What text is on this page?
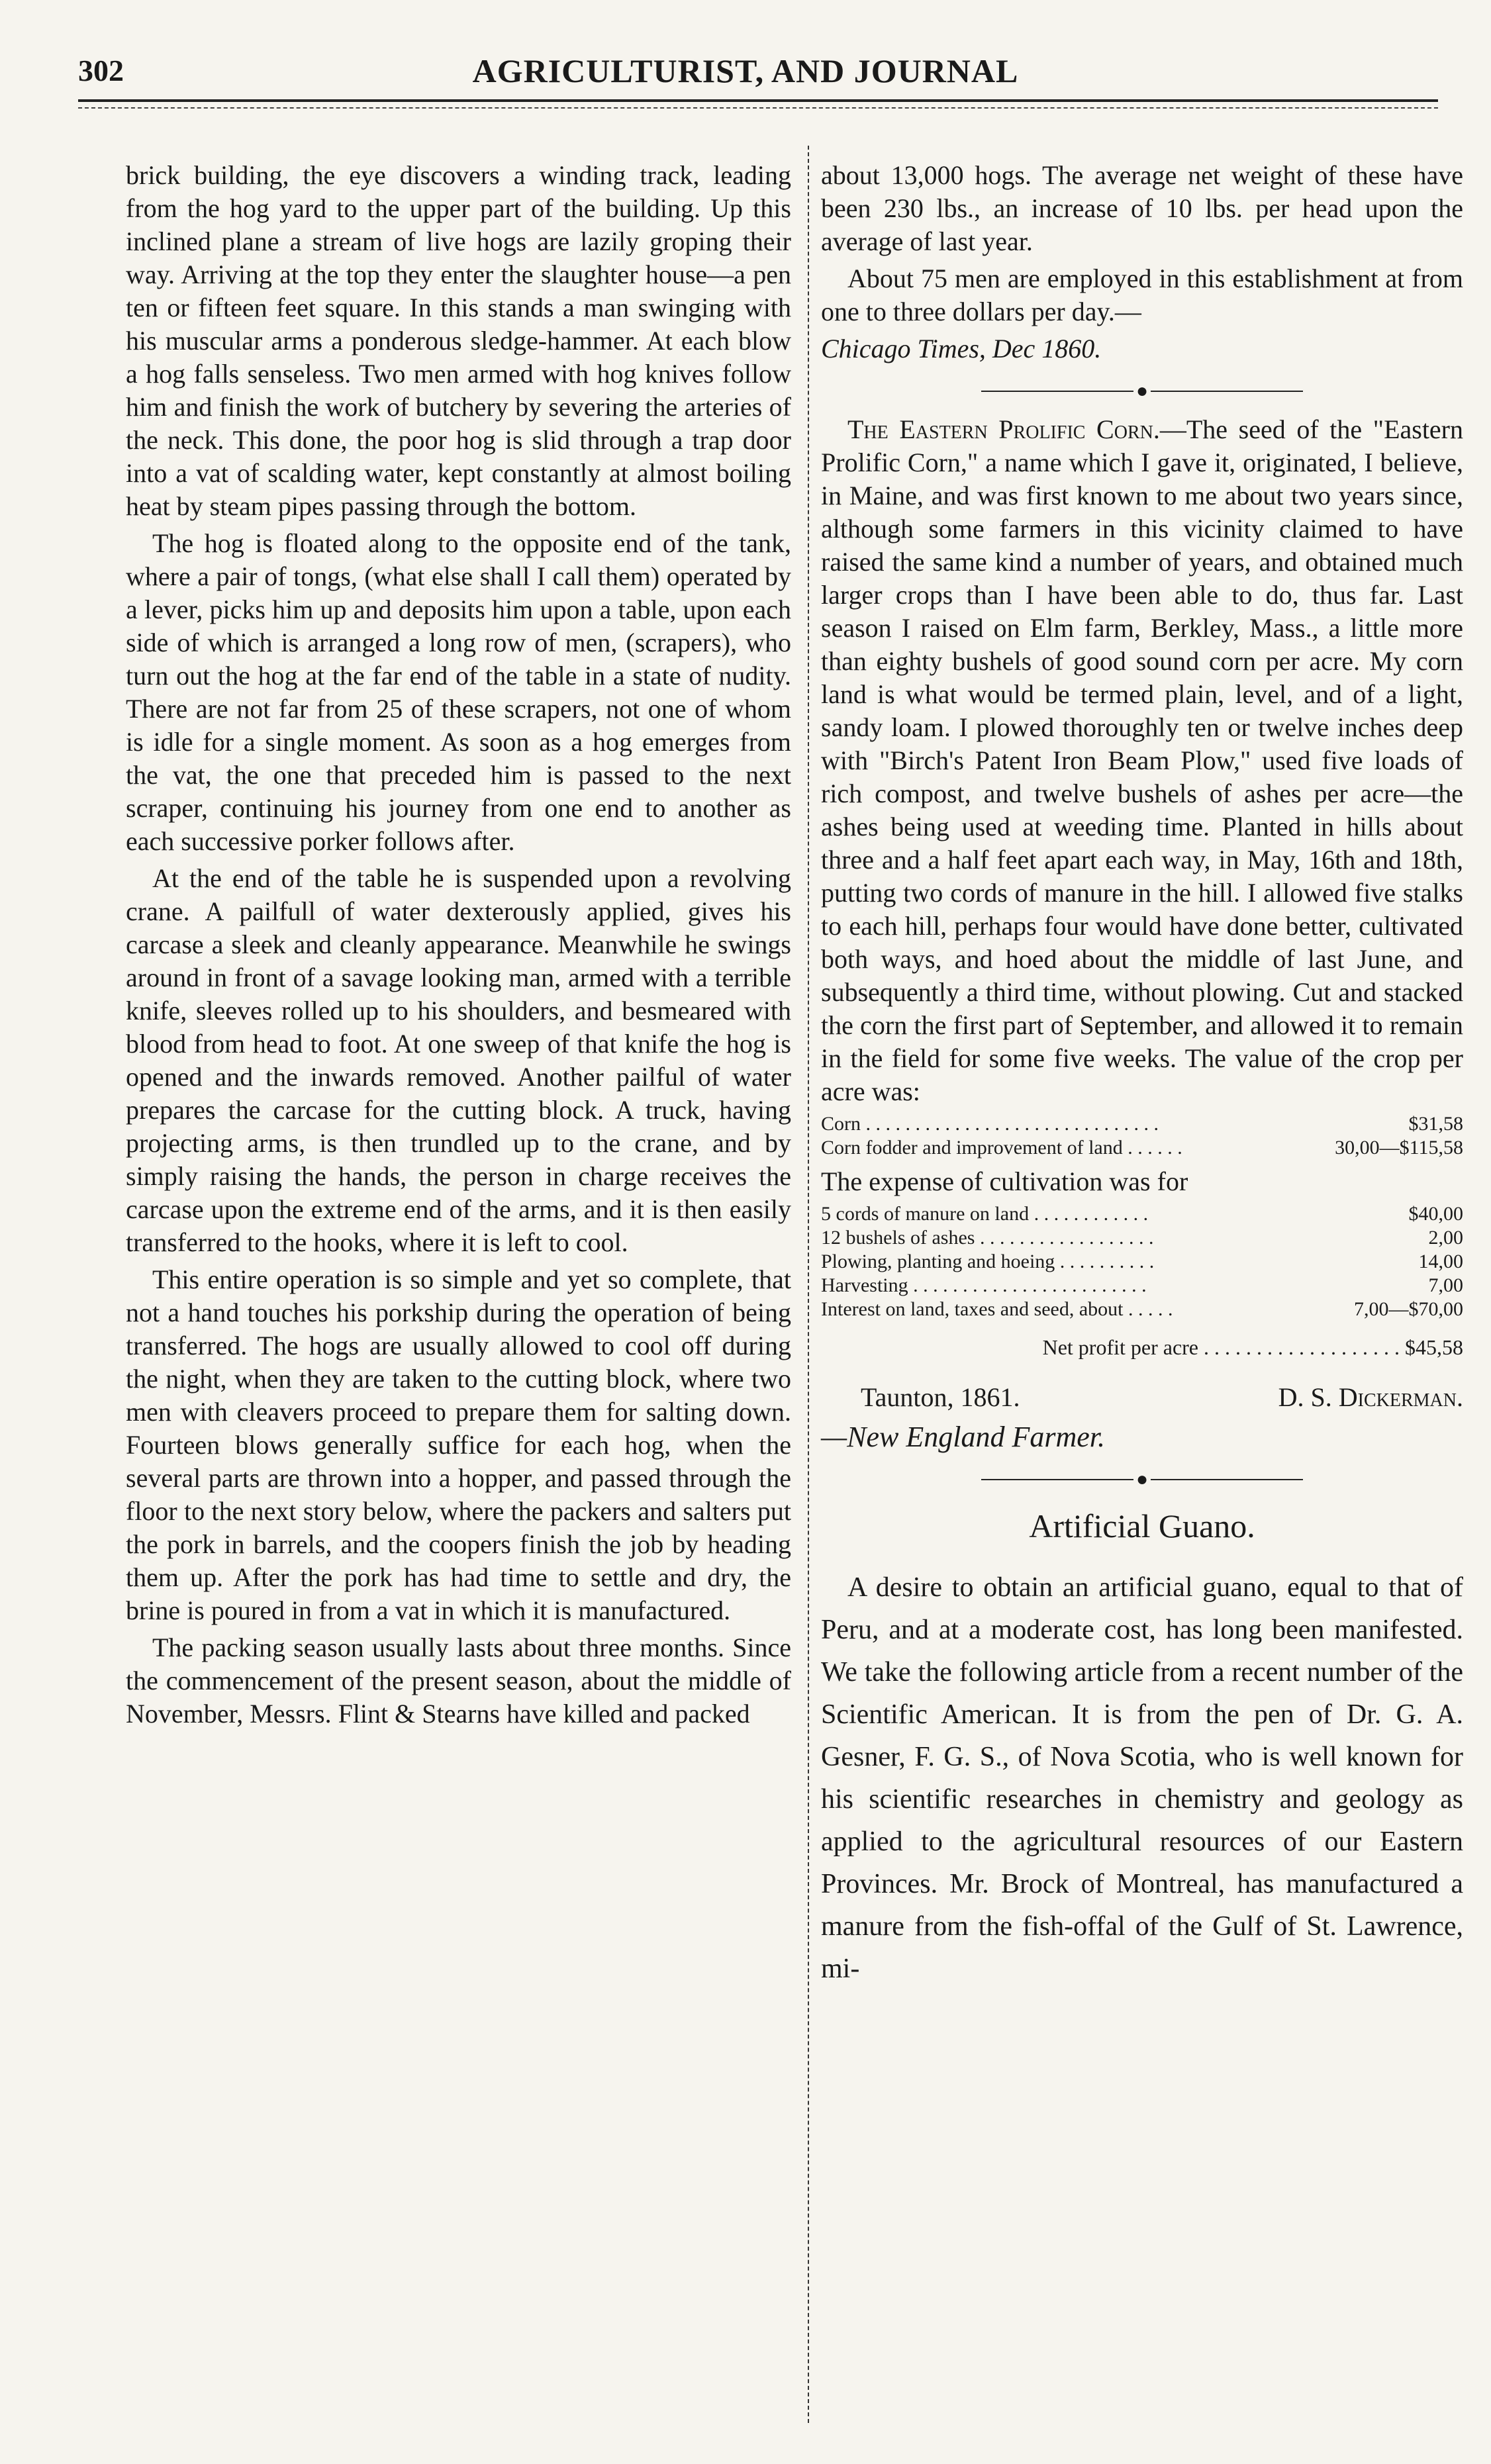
302	AGRICULTURIST, AND JOURNAL

brick building, the eye discovers a winding track, leading from the hog yard to the upper part of the building. Up this inclined plane a stream of live hogs are lazily groping their way. Arriving at the top they enter the slaughter house—a pen ten or fifteen feet square. In this stands a man swinging with his muscular arms a ponderous sledge-hammer. At each blow a hog falls senseless. Two men armed with hog knives follow him and finish the work of butchery by severing the arteries of the neck. This done, the poor hog is slid through a trap door into a vat of scalding water, kept constantly at almost boiling heat by steam pipes passing through the bottom.

The hog is floated along to the opposite end of the tank, where a pair of tongs, (what else shall I call them) operated by a lever, picks him up and deposits him upon a table, upon each side of which is arranged a long row of men, (scrapers), who turn out the hog at the far end of the table in a state of nudity. There are not far from 25 of these scrapers, not one of whom is idle for a single moment. As soon as a hog emerges from the vat, the one that preceded him is passed to the next scraper, continuing his journey from one end to another as each successive porker follows after.

At the end of the table he is suspended upon a revolving crane. A pailfull of water dexterously applied, gives his carcase a sleek and cleanly appearance. Meanwhile he swings around in front of a savage looking man, armed with a terrible knife, sleeves rolled up to his shoulders, and besmeared with blood from head to foot. At one sweep of that knife the hog is opened and the inwards removed. Another pailful of water prepares the carcase for the cutting block. A truck, having projecting arms, is then trundled up to the crane, and by simply raising the hands, the person in charge receives the carcase upon the extreme end of the arms, and it is then easily transferred to the hooks, where it is left to cool.

This entire operation is so simple and yet so complete, that not a hand touches his porkship during the operation of being transferred. The hogs are usually allowed to cool off during the night, when they are taken to the cutting block, where two men with cleavers proceed to prepare them for salting down. Fourteen blows generally suffice for each hog, when the several parts are thrown into a hopper, and passed through the floor to the next story below, where the packers and salters put the pork in barrels, and the coopers finish the job by heading them up. After the pork has had time to settle and dry, the brine is poured in from a vat in which it is manufactured.

The packing season usually lasts about three months. Since the commencement of the present season, about the middle of November, Messrs. Flint & Stearns have killed and packed

about 13,000 hogs. The average net weight of these have been 230 lbs., an increase of 10 lbs. per head upon the average of last year.

About 75 men are employed in this establishment at from one to three dollars per day.—

Chicago Times, Dec 1860.

●

The Eastern Prolific Corn.—The seed of the "Eastern Prolific Corn," a name which I gave it, originated, I believe, in Maine, and was first known to me about two years since, although some farmers in this vicinity claimed to have raised the same kind a number of years, and obtained much larger crops than I have been able to do, thus far. Last season I raised on Elm farm, Berkley, Mass., a little more than eighty bushels of good sound corn per acre. My corn land is what would be termed plain, level, and of a light, sandy loam. I plowed thoroughly ten or twelve inches deep with "Birch's Patent Iron Beam Plow," used five loads of rich compost, and twelve bushels of ashes per acre—the ashes being used at weeding time. Planted in hills about three and a half feet apart each way, in May, 16th and 18th, putting two cords of manure in the hill. I allowed five stalks to each hill, perhaps four would have done better, cultivated both ways, and hoed about the middle of last June, and subsequently a third time, without plowing. Cut and stacked the corn the first part of September, and allowed it to remain in the field for some five weeks. The value of the crop per acre was:

Corn . . . . . . . . . . . . . . . . . . . . . . . . . . . . . .	$31,58
Corn fodder and improvement of land . . . . . .	30,00—$115,58
The expense of cultivation was for
5 cords of manure on land . . . . . . . . . . . .	$40,00
12 bushels of ashes . . . . . . . . . . . . . . . . . .	2,00
Plowing, planting and hoeing . . . . . . . . . .	14,00
Harvesting . . . . . . . . . . . . . . . . . . . . . . . .	7,00
Interest on land, taxes and seed, about . . . . .	7,00—$70,00
Net profit per acre . . . . . . . . . . . . . . . . . . . $45,58
Taunton, 1861.	D. S. Dickerman.
—New England Farmer.
●
Artificial Guano.

A desire to obtain an artificial guano, equal to that of Peru, and at a moderate cost, has long been manifested. We take the following article from a recent number of the Scientific American. It is from the pen of Dr. G. A. Gesner, F. G. S., of Nova Scotia, who is well known for his scientific researches in chemistry and geology as applied to the agricultural resources of our Eastern Provinces. Mr. Brock of Montreal, has manufactured a manure from the fish-offal of the Gulf of St. Lawrence, mi-
